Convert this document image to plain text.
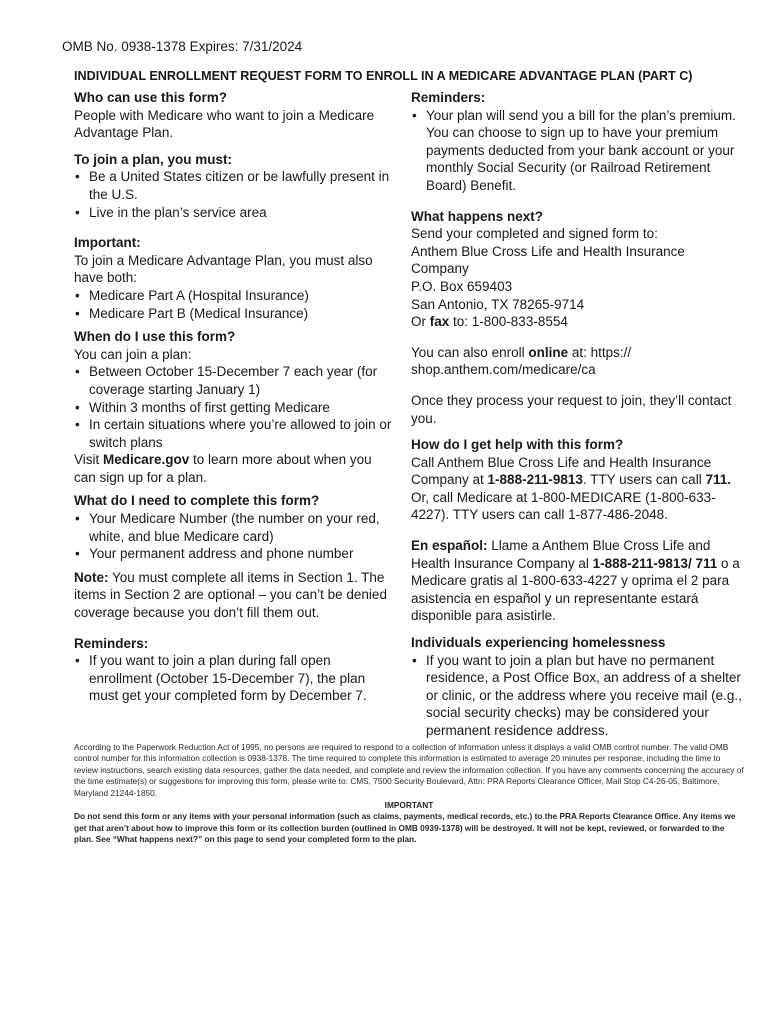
OMB No. 0938-1378 Expires: 7/31/2024
INDIVIDUAL ENROLLMENT REQUEST FORM TO ENROLL IN A MEDICARE ADVANTAGE PLAN (PART C)
Who can use this form?

People with Medicare who want to join a Medicare Advantage Plan.

To join a plan, you must:
• Be a United States citizen or be lawfully present in the U.S.
• Live in the plan’s service area
Important:

To join a Medicare Advantage Plan, you must also have both:

• Medicare Part A (Hospital Insurance)
• Medicare Part B (Medical Insurance)
When do I use this form?

You can join a plan:

• Between October 15-December 7 each year (for coverage starting January 1)
• Within 3 months of first getting Medicare
• In certain situations where you’re allowed to join or switch plans

Visit Medicare.gov to learn more about when you can sign up for a plan.

What do I need to complete this form?
• Your Medicare Number (the number on your red, white, and blue Medicare card)
• Your permanent address and phone number

Note: You must complete all items in Section 1. The items in Section 2 are optional – you can’t be denied coverage because you don’t fill them out.

Reminders:
• If you want to join a plan during fall open enrollment (October 15-December 7), the plan must get your completed form by December 7.
Reminders:
• Your plan will send you a bill for the plan’s premium. You can choose to sign up to have your premium payments deducted from your bank account or your monthly Social Security (or Railroad Retirement Board) Benefit.
What happens next?

Send your completed and signed form to:

Anthem Blue Cross Life and Health Insurance Company

P.O. Box 659403

San Antonio, TX 78265-9714

Or fax to: 1-800-833-8554

You can also enroll online at: https:// shop.anthem.com/medicare/ca

Once they process your request to join, they’ll contact you.

How do I get help with this form?

Call Anthem Blue Cross Life and Health Insurance Company at 1-888-211-9813. TTY users can call 711. Or, call Medicare at 1-800-MEDICARE (1-800-633-4227). TTY users can call 1-877-486-2048.

En español: Llame a Anthem Blue Cross Life and Health Insurance Company al 1-888-211-9813/ 711 o a Medicare gratis al 1-800-633-4227 y oprima el 2 para asistencia en español y un representante estará disponible para asistirle.

Individuals experiencing homelessness
• If you want to join a plan but have no permanent residence, a Post Office Box, an address of a shelter or clinic, or the address where you receive mail (e.g., social security checks) may be considered your permanent residence address.

According to the Paperwork Reduction Act of 1995, no persons are required to respond to a collection of information unless it displays a valid OMB control number. The valid OMB control number for this information collection is 0938-1378. The time required to complete this information is estimated to average 20 minutes per response, including the time to review instructions, search existing data resources, gather the data needed, and complete and review the information collection. If you have any comments concerning the accuracy of the time estimate(s) or suggestions for improving this form, please write to: CMS, 7500 Security Boulevard, Attn: PRA Reports Clearance Officer, Mail Stop C4-26-05, Baltimore, Maryland 21244-1850.

IMPORTANT

Do not send this form or any items with your personal information (such as claims, payments, medical records, etc.) to the PRA Reports Clearance Office. Any items we get that aren’t about how to improve this form or its collection burden (outlined in OMB 0939-1378) will be destroyed. It will not be kept, reviewed, or forwarded to the plan. See “What happens next?” on this page to send your completed form to the plan.
